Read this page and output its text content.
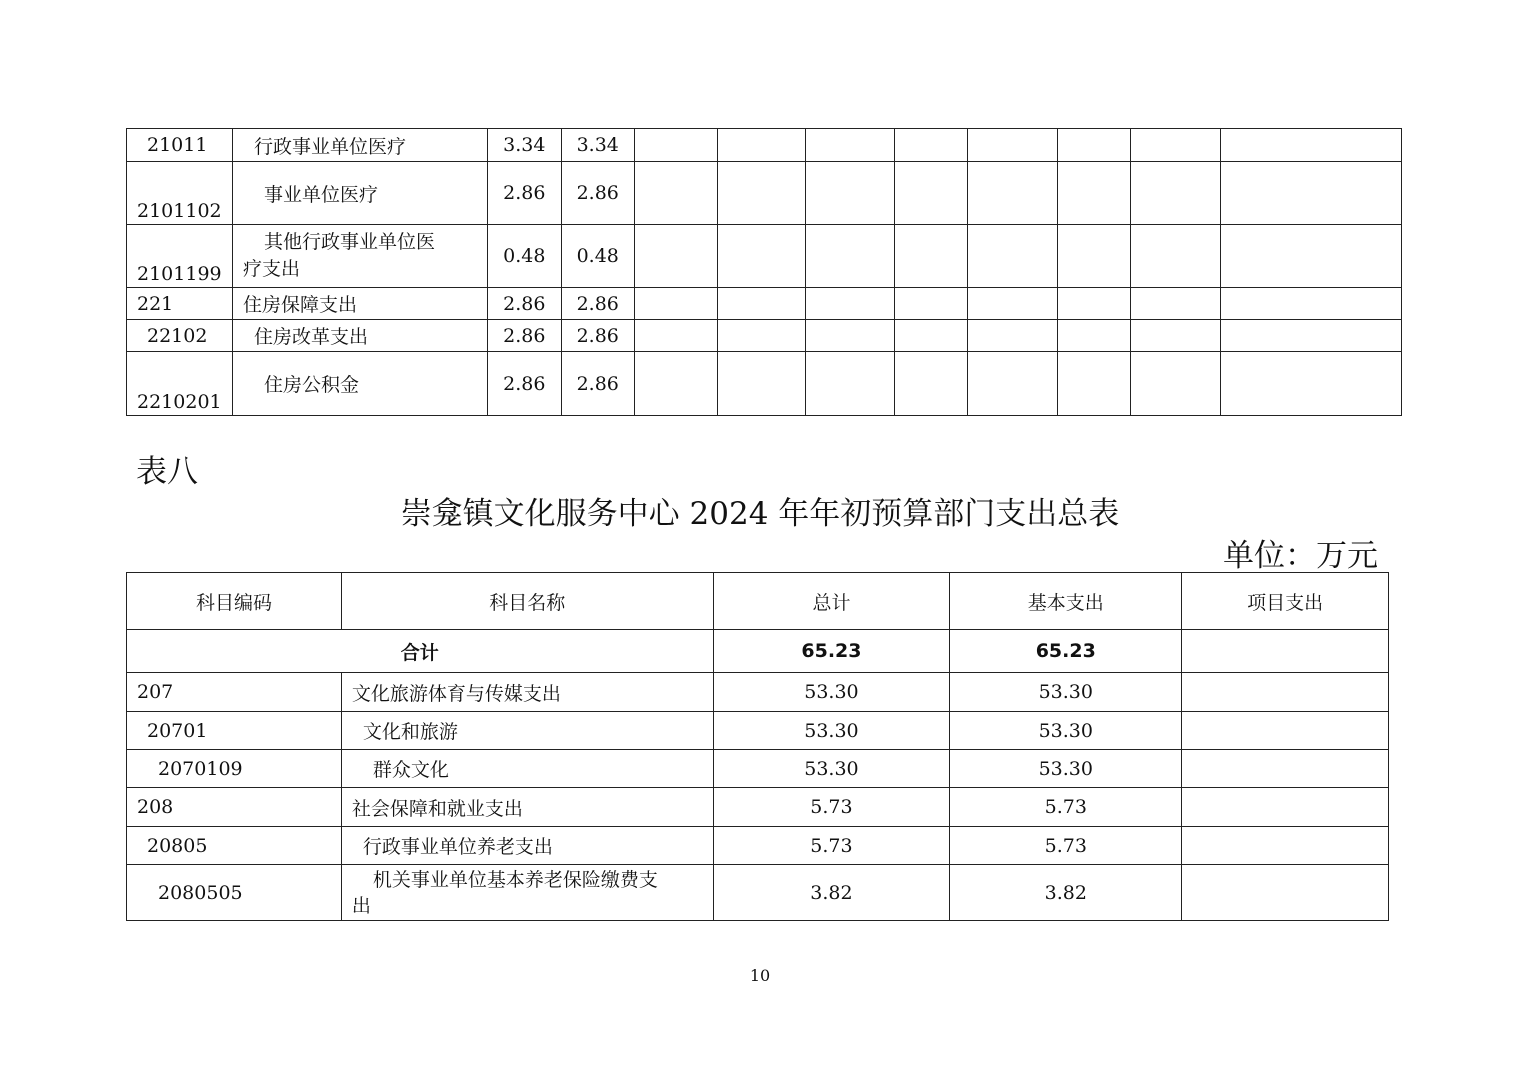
21011	行政事业单位医疗	3.34	3.34								
2101102	事业单位医疗	2.86	2.86								
2101199	其他行政事业单位医
疗支出	0.48	0.48								
221	住房保障支出	2.86	2.86								
22102	住房改革支出	2.86	2.86								
2210201	住房公积金	2.86	2.86								
表八
崇龛镇文化服务中心 2024 年年初预算部门支出总表
单位：万元
科目编码	科目名称	总计	基本支出	项目支出
合计		65.23	65.23	
207	文化旅游体育与传媒支出	53.30	53.30	
20701	文化和旅游	53.30	53.30	
2070109	群众文化	53.30	53.30	
208	社会保障和就业支出	5.73	5.73	
20805	行政事业单位养老支出	5.73	5.73	
2080505	机关事业单位基本养老保险缴费支
出	3.82	3.82	
10
